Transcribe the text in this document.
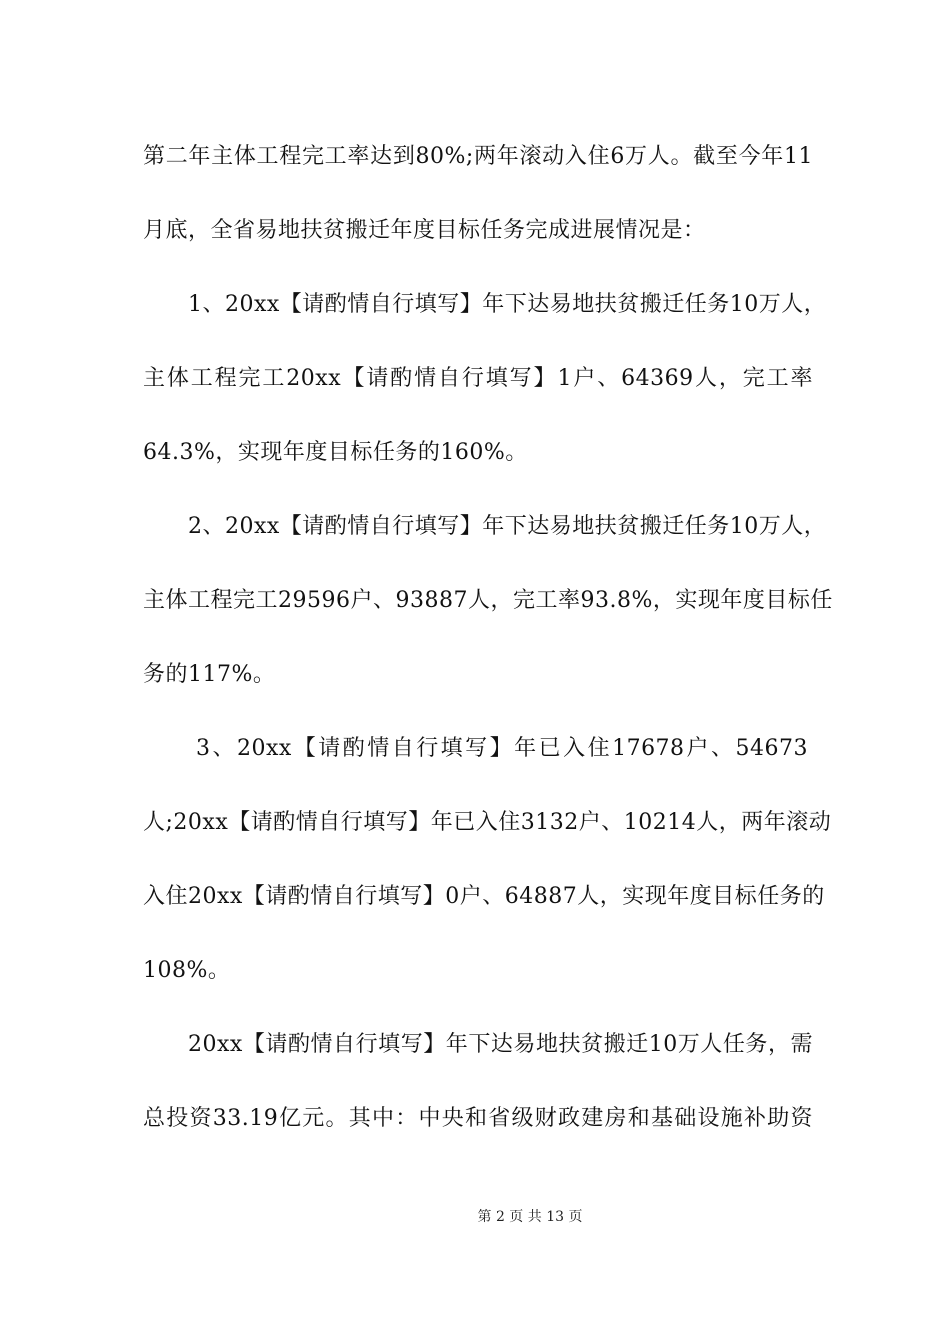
第二年主体工程完工率达到80%;两年滚动入住6万人。截至今年11
月底，全省易地扶贫搬迁年度目标任务完成进展情况是：
1、20xx【请酌情自行填写】年下达易地扶贫搬迁任务10万人，
主体工程完工20xx【请酌情自行填写】1户、64369人，完工率
64.3%，实现年度目标任务的160%。
2、20xx【请酌情自行填写】年下达易地扶贫搬迁任务10万人，
主体工程完工29596户、93887人，完工率93.8%，实现年度目标任
务的117%。
3、20xx【请酌情自行填写】年已入住17678户、54673
人;20xx【请酌情自行填写】年已入住3132户、10214人，两年滚动
入住20xx【请酌情自行填写】0户、64887人，实现年度目标任务的
108%。
20xx【请酌情自行填写】年下达易地扶贫搬迁10万人任务，需
总投资33.19亿元。其中：中央和省级财政建房和基础设施补助资
第 2 页 共 13 页
